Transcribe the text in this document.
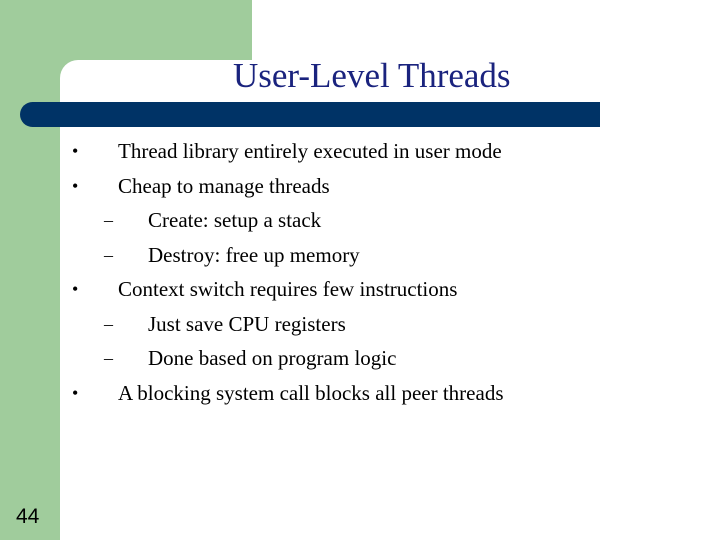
User-Level Threads
• Thread library entirely executed in user mode
• Cheap to manage threads
– Create: setup a stack
– Destroy: free up memory
• Context switch requires few instructions
– Just save CPU registers
– Done based on program logic
• A blocking system call blocks all peer threads
44
